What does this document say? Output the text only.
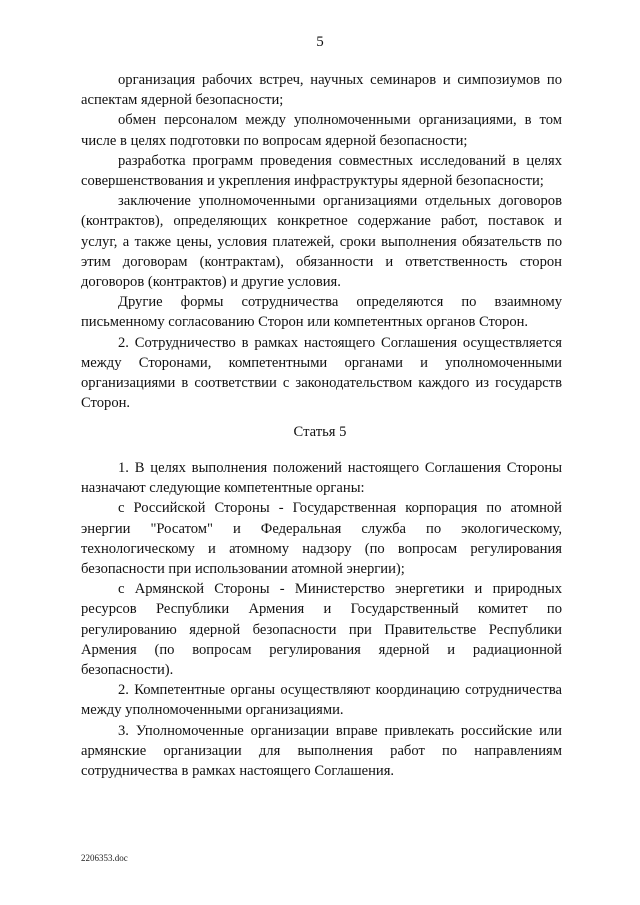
5

организация рабочих встреч, научных семинаров и симпозиумов по аспектам ядерной безопасности;

обмен персоналом между уполномоченными организациями, в том числе в целях подготовки по вопросам ядерной безопасности;

разработка программ проведения совместных исследований в целях совершенствования и укрепления инфраструктуры ядерной безопасности;

заключение уполномоченными организациями отдельных договоров (контрактов), определяющих конкретное содержание работ, поставок и услуг, а также цены, условия платежей, сроки выполнения обязательств по этим договорам (контрактам), обязанности и ответственность сторон договоров (контрактов) и другие условия.

Другие формы сотрудничества определяются по взаимному письменному согласованию Сторон или компетентных органов Сторон.

2. Сотрудничество в рамках настоящего Соглашения осуществляется между Сторонами, компетентными органами и уполномоченными организациями в соответствии с законодательством каждого из государств Сторон.

Статья 5

1. В целях выполнения положений настоящего Соглашения Стороны назначают следующие компетентные органы:

с Российской Стороны - Государственная корпорация по атомной энергии "Росатом" и Федеральная служба по экологическому, технологическому и атомному надзору (по вопросам регулирования безопасности при использовании атомной энергии);

с Армянской Стороны - Министерство энергетики и природных ресурсов Республики Армения и Государственный комитет по регулированию ядерной безопасности при Правительстве Республики Армения (по вопросам регулирования ядерной и радиационной безопасности).

2. Компетентные органы осуществляют координацию сотрудничества между уполномоченными организациями.

3. Уполномоченные организации вправе привлекать российские или армянские организации для выполнения работ по направлениям сотрудничества в рамках настоящего Соглашения.

2206353.doc
